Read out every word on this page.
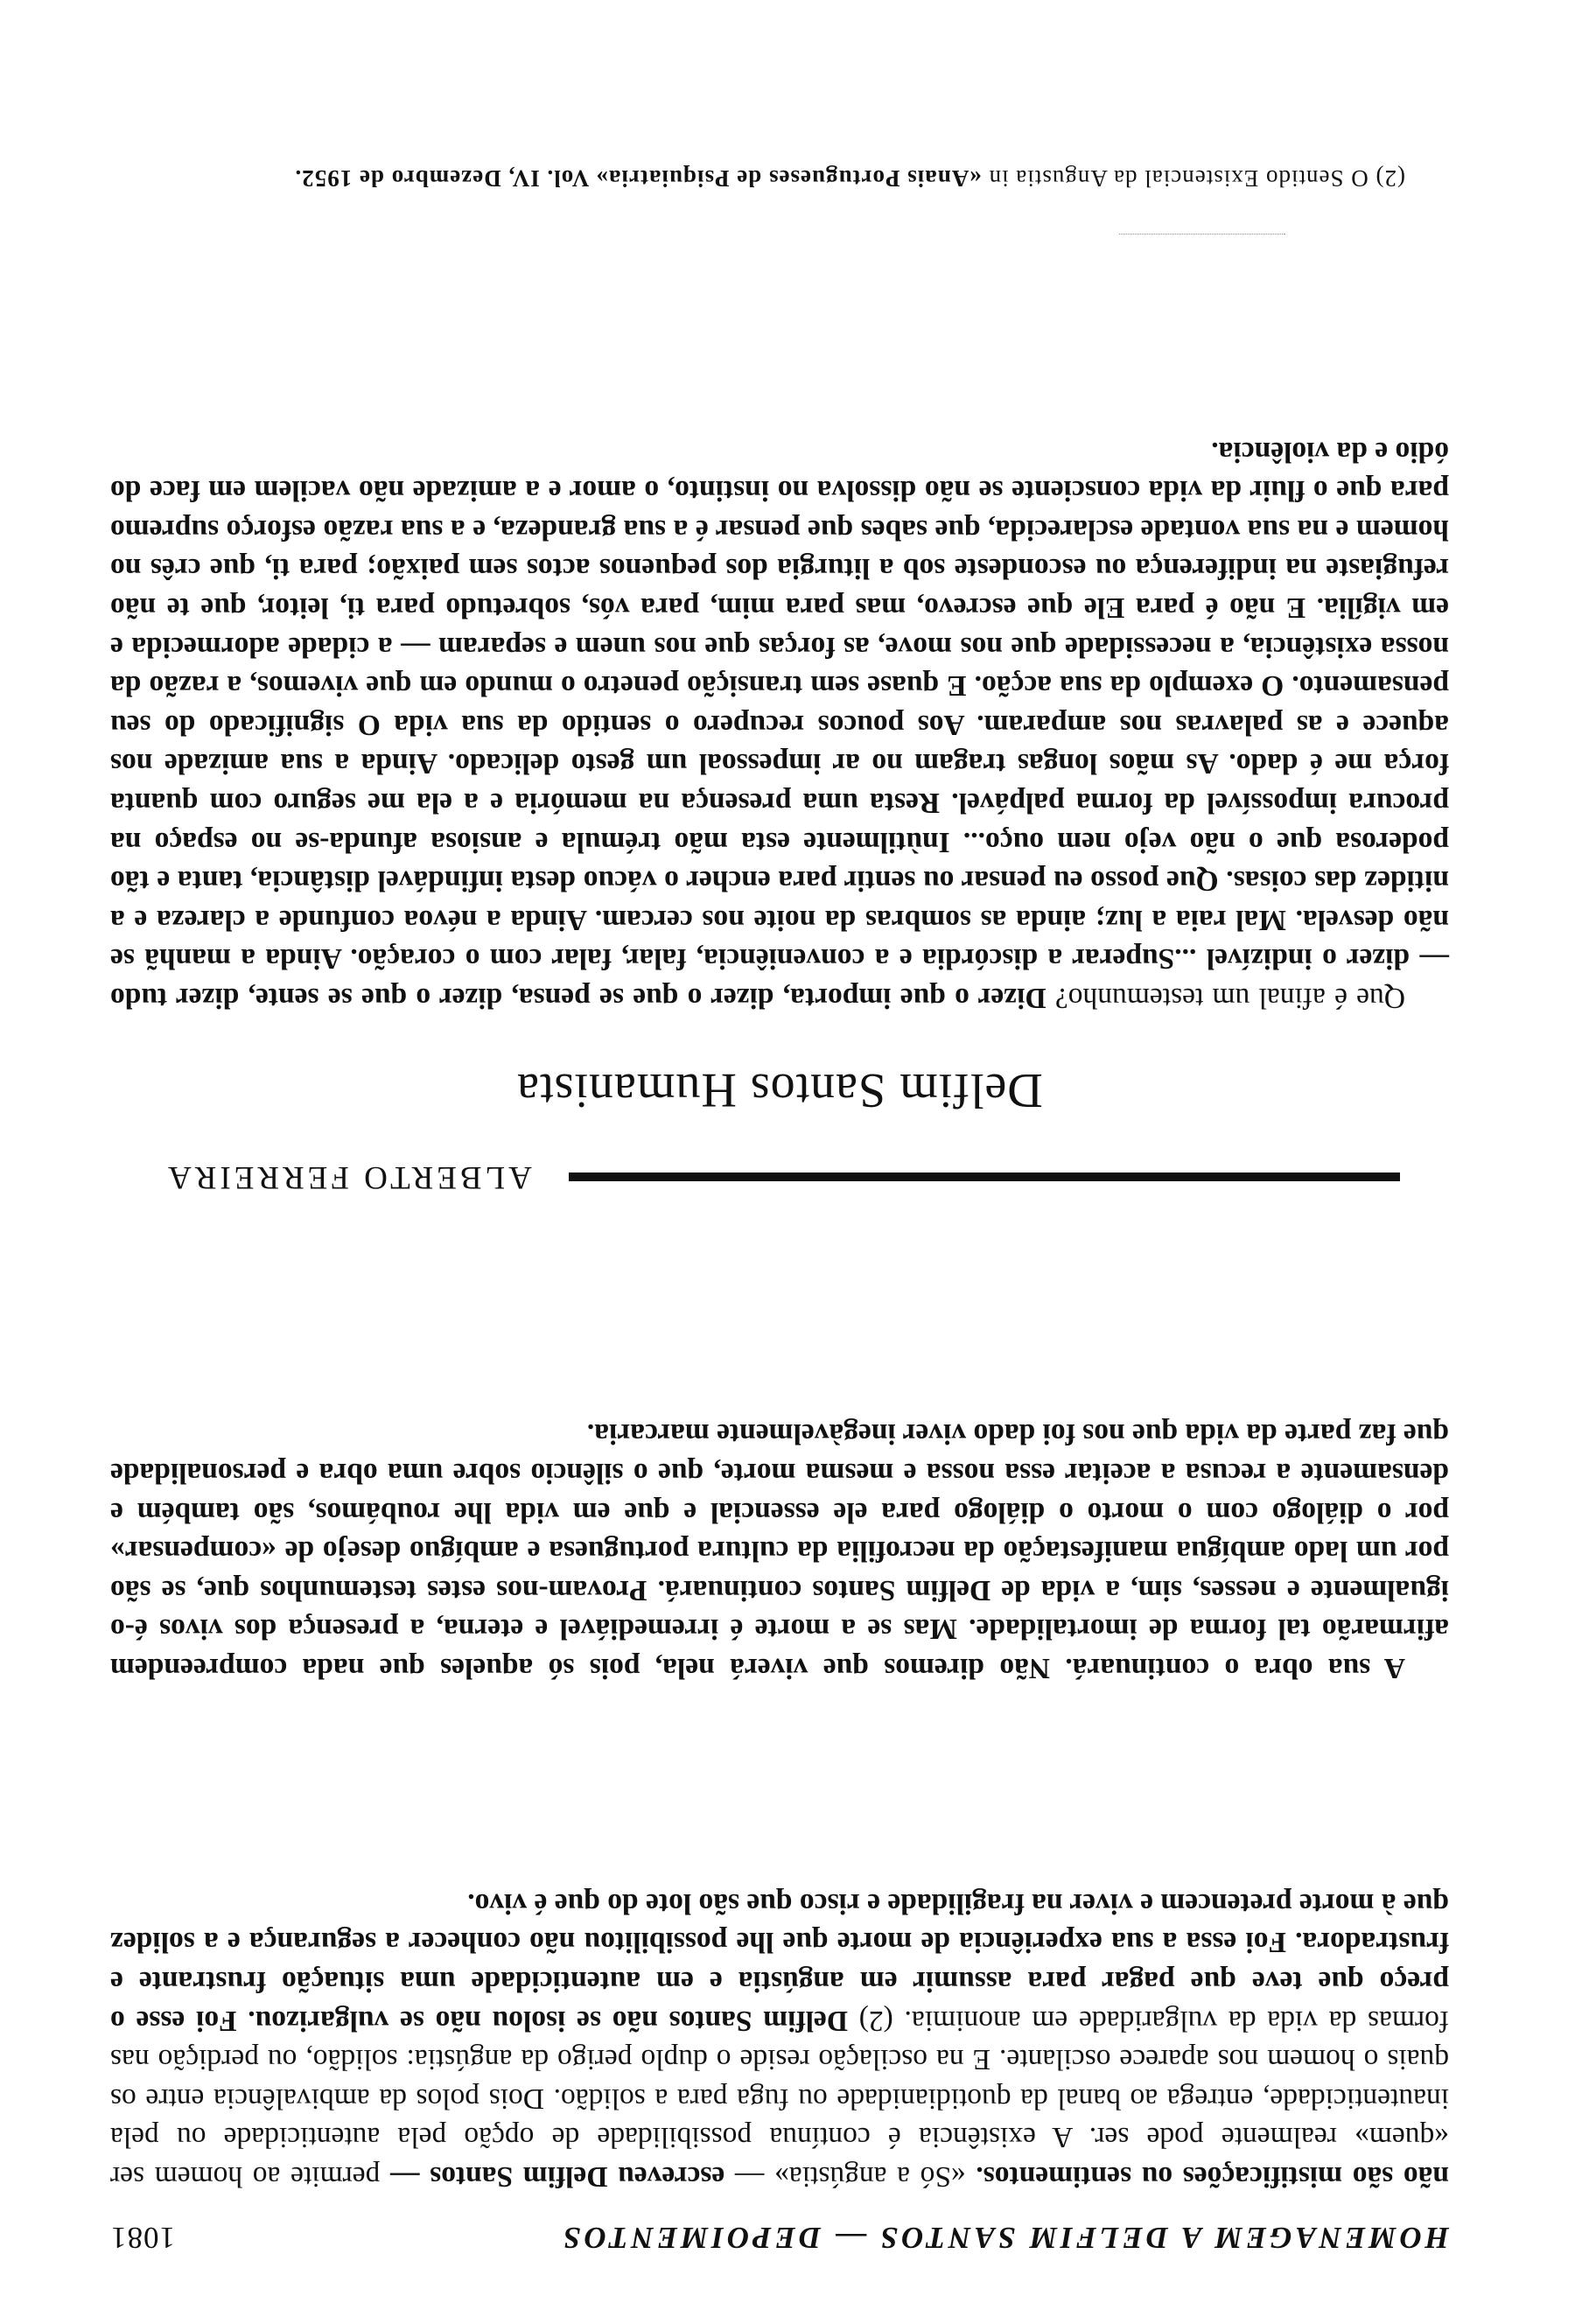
HOMENAGEM A DELFIM SANTOS — DEPOIMENTOS
1081
não são mistificações ou sentimentos. «Só a angústia» — escreveu Delfim Santos — permite ao homem ser «quem» realmente pode ser. A existência é contínua possibilidade de opção pela autenticidade ou pela inautenticidade, entrega ao banal da quotidianidade ou fuga para a solidão. Dois polos da ambivalência entre os quais o homem nos aparece oscilante. E na oscilação reside o duplo perigo da angústia: solidão, ou perdição nas formas da vida da vulgaridade em anonimia. (2) Delfim Santos não se isolou não se vulgarizou. Foi esse o preço que teve que pagar para assumir em angústia e em autenticidade uma situação frustrante e frustradora. Foi essa a sua experiência de morte que lhe possibilitou não conhecer a segurança e a solidez que à morte pretencem e viver na fragilidade e risco que são lote do que é vivo.
A sua obra o continuará. Não diremos que viverá nela, pois só aqueles que nada compreendem afirmarão tal forma de imortalidade. Mas se a morte é irremediável e eterna, a presença dos vivos é-o igualmente e nesses, sim, a vida de Delfim Santos continuará. Provam-nos estes testemunhos que, se são por um lado ambígua manifestação da necrofilia da cultura portuguesa e ambíguo desejo de «compensar» por o diálogo com o morto o diálogo para ele essencial e que em vida lhe roubámos, são também e densamente a recusa a aceitar essa nossa e mesma morte, que o silêncio sobre uma obra e personalidade que faz parte da vida que nos foi dado viver inegàvelmente marcaria.
ALBERTO FERREIRA
Delfim Santos Humanista
Que é afinal um testemunho? Dizer o que importa, dizer o que se pensa, dizer o que se sente, dizer tudo — dizer o indizível ...Superar a discórdia e a conveniência, falar, falar com o coração. Ainda a manhã se não desvela. Mal raia a luz; ainda as sombras da noite nos cercam. Ainda a névoa confunde a clareza e a nitidez das coisas. Que posso eu pensar ou sentir para encher o vácuo desta infindável distância, tanta e tão poderosa que o não vejo nem ouço... Inùtilmente esta mão trémula e ansiosa afunda-se no espaço na procura impossível da forma palpável. Resta uma presença na memória e a ela me seguro com quanta força me é dado. As mãos longas tragam no ar impessoal um gesto delicado. Ainda a sua amizade nos aquece e as palavras nos amparam. Aos poucos recupero o sentido da sua vida O significado do seu pensamento. O exemplo da sua acção. E quase sem transição penetro o mundo em que vivemos, a razão da nossa existência, a necessidade que nos move, as forças que nos unem e separam — a cidade adormecida e em vigília. E não é para Ele que escrevo, mas para mim, para vós, sobretudo para ti, leitor, que te não refugiaste na indiferença ou escondeste sob a liturgia dos pequenos actos sem paixão; para ti, que crês no homem e na sua vontade esclarecida, que sabes que pensar é a sua grandeza, e a sua razão esforço supremo para que o fluir da vida consciente se não dissolva no instinto, o amor e a amizade não vacilem em face do ódio e da violência.
(2) O Sentido Existencial da Angustia in «Anais Portugueses de Psiquiatria» Vol. IV, Dezembro de 1952.
